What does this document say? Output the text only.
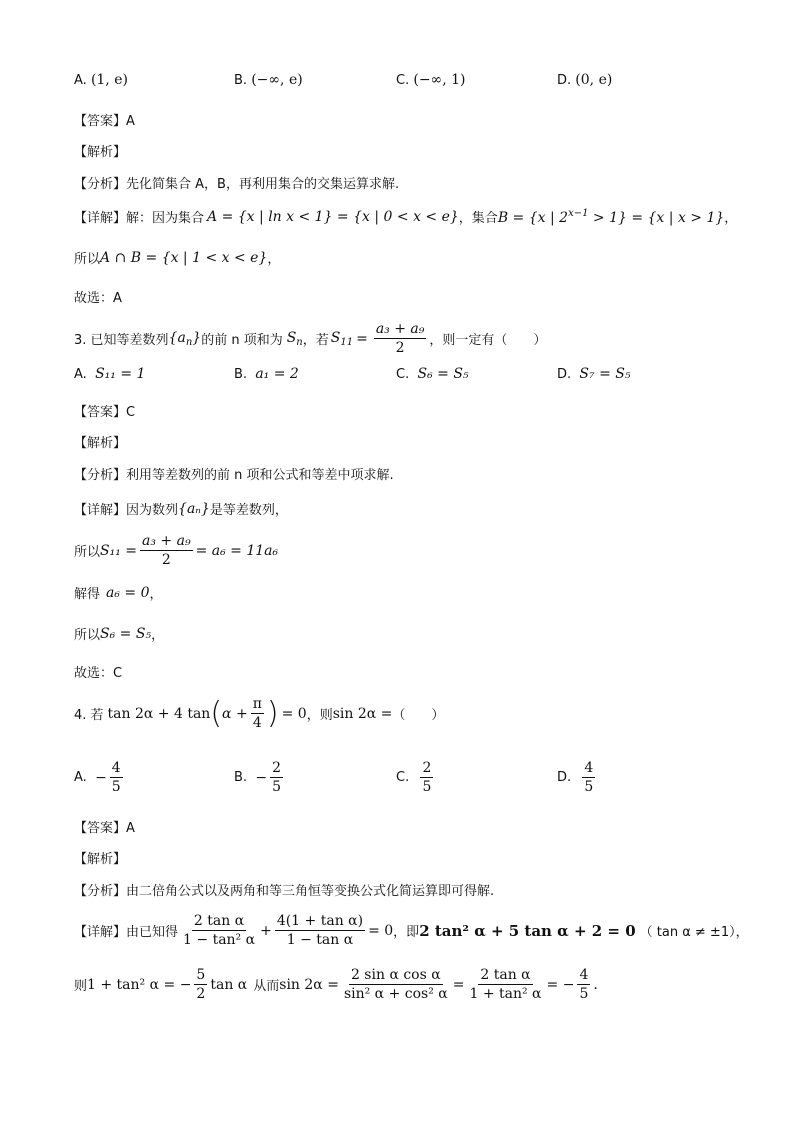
A.
(1, e)	B.
(−∞, e)	C.
(−∞, 1)	D.
(0, e)
【答案】A
【解析】
【分析】 先化简集合 A，B，再利用集合的交集运算求解.
【详解】 解：因为集合 A = {x | ln x < 1} = {x | 0 < x < e} ，集合 B = {x | $2^{x-1} > 1\} = \{x$ | x > 1} ，
所以 A ∩ B = {x | 1 < x < e} ，
故选：A
3. 已知等差数列 $\{a_n\}$ 的前 n 项和为 $S_n$ ，若 $S_{11} = \frac{\text{a₃ + a₉}}{2}$ ，则一定有（　　）
A.
S₁₁ = 1	B.
a₁ = 2	C.
S₆ = S₅	D.
S₇ = S₅
【答案】C
【解析】
【分析】 利用等差数列的前 n 项和公式和等差中项求解.
【详解】 因为数列 {aₙ} 是等差数列，
所以 $S_{11} = \frac{\text{a₃ + a₉}}{2} = a_6 = 11a_6$
解得 a₆ = 0 ，
所以 S₆ = S₅ ，
故选：C
4. 若 tan 2α + 4 tan ( $\alpha + \frac{\pi}{4}$ ) = 0 ，则 sin 2α = （　　）
A.
− $\frac{4}{5}$	B.
− $\frac{2}{5}$	C.
$\frac{2}{5}$	D.
$\frac{4}{5}$
【答案】A
【解析】
【分析】 由二倍角公式以及两角和等三角恒等变换公式化简运算即可得解.
【详解】 由已知得 $\frac{\text{2 tan α}}{\text{1 − tan² α}} + \frac{\text{4(1 + tan α)}}{\text{1 − tan α}} = 0$ ，即 2 tan² α + 5 tan α + 2 = 0 （ tan α ≠ ±1），
则 1 + tan² α = − $\frac{5}{2}$ tan α 从而 $\sin 2\alpha = \frac{\text{2 sin α cos α}}{\text{sin² α + cos² α}} = \frac{\text{2 tan α}}{\text{1 + tan² α}}$ = − $\frac{4}{5}$ .
